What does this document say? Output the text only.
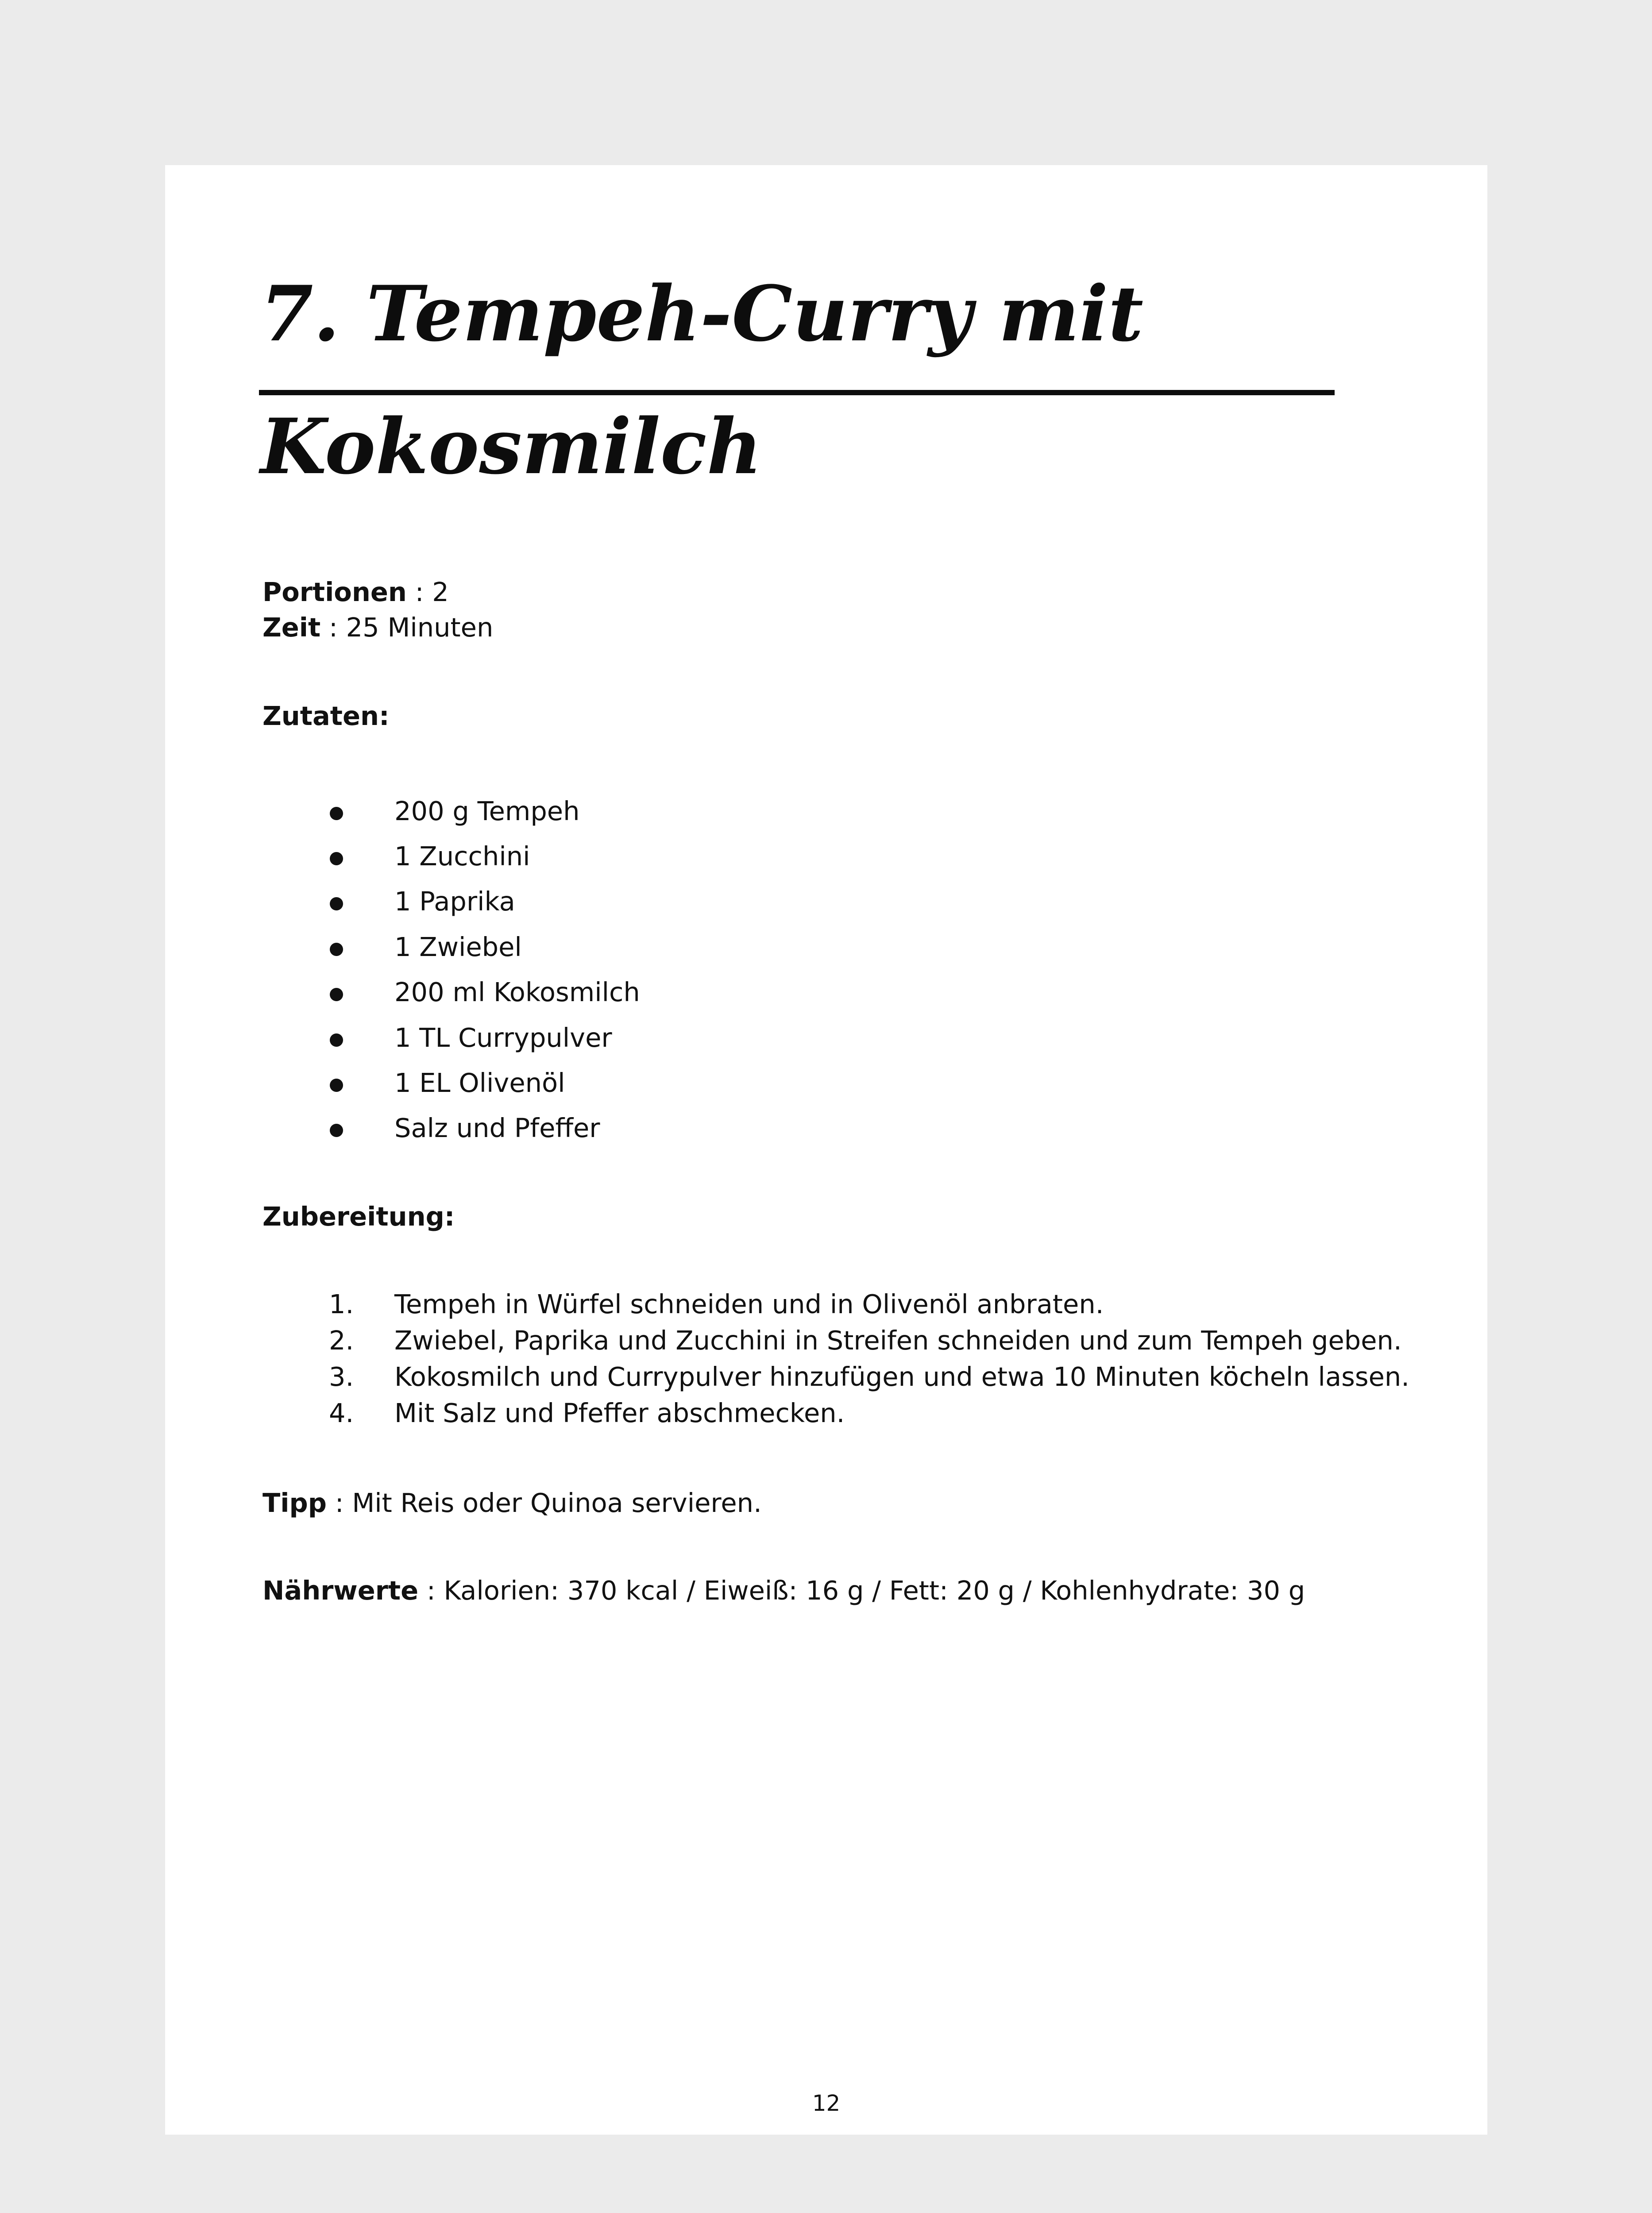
7. Tempeh-Curry mit
Kokosmilch
Portionen : 2
Zeit : 25 Minuten
Zutaten:
200 g Tempeh
1 Zucchini
1 Paprika
1 Zwiebel
200 ml Kokosmilch
1 TL Currypulver
1 EL Olivenöl
Salz und Pfeffer
Zubereitung:
1. Tempeh in Würfel schneiden und in Olivenöl anbraten.
2. Zwiebel, Paprika und Zucchini in Streifen schneiden und zum Tempeh geben.
3. Kokosmilch und Currypulver hinzufügen und etwa 10 Minuten köcheln lassen.
4. Mit Salz und Pfeffer abschmecken.
Tipp : Mit Reis oder Quinoa servieren.
Nährwerte : Kalorien: 370 kcal / Eiweiß: 16 g / Fett: 20 g / Kohlenhydrate: 30 g
12
